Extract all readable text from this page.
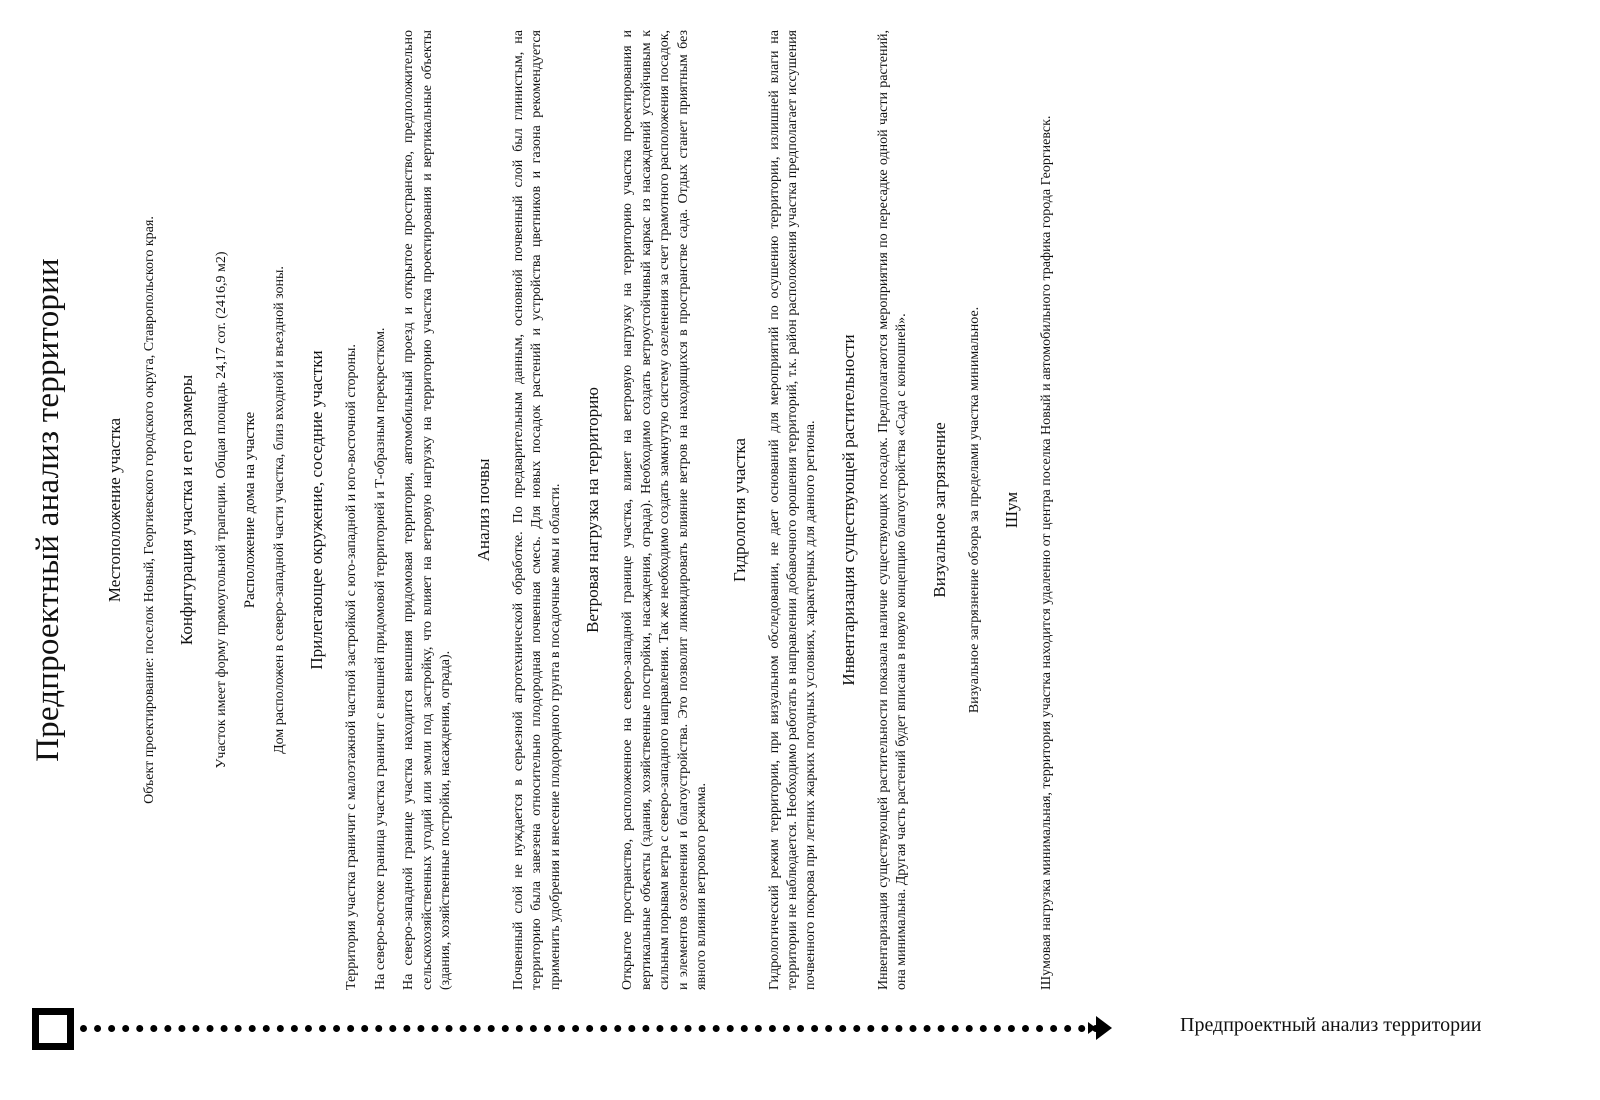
Предпроектный анализ территории Местоположение участка Объект проектирование: поселок Новый, Георгиевского городского округа, Ставропольского края. Конфигурация участка и его размеры Участок имеет форму прямоугольной трапеции. Общая площадь 24,17 сот. (2416,9 м2) Расположение дома на участке Дом расположен в северо-западной части участка, близ входной и въездной зоны. Прилегающее окружение, соседние участки Территория участка граничит с малоэтажной частной застройкой с юго-западной и юго-восточной стороны. На северо-востоке граница участка граничит с внешней придомовой территорией и Т-образным перекрестком. На северо-западной границе участка находится внешняя придомовая территория, автомобильный проезд и открытое пространство, предположительно сельскохозяйственных угодий или земли под застройку, что влияет на ветровую нагрузку на территорию участка проектирования и вертикальные объекты (здания, хозяйственные постройки, насаждения, ограда).

Анализ почвы Почвенный слой не нуждается в серьезной агротехнической обработке. По предварительным данным, основной почвенный слой был глинистым, на территорию была завезена относительно плодородная почвенная смесь. Для новых посадок растений и устройства цветников и газона рекомендуется применить удобрения и внесение плодородного грунта в посадочные ямы и области. Ветровая нагрузка на территорию Открытое пространство, расположенное на северо-западной границе участка, влияет на ветровую нагрузку на территорию участка проектирования и вертикальные объекты (здания, хозяйственные постройки, насаждения, ограда). Необходимо создать ветроустойчивый каркас из насаждений устойчивым к сильным порывам ветра с северо-западного направления. Так же необходимо создать замкнутую систему озеленения за счет грамотного расположения посадок, и элементов озеленения и благоустройства. Это позволит ликвидировать влияние ветров на находящихся в пространстве сада. Отдых станет приятным без явного влияния ветрового режима.

Гидрология участка Гидрологический режим территории, при визуальном обследовании, не дает оснований для мероприятий по осушению территории, излишней влаги на территории не наблюдается. Необходимо работать в направлении добавочного орошения территорий, т.к. район расположения участка предполагает иссушения почвенного покрова при летних жарких погодных условиях, характерных для данного региона. Инвентаризация существующей растительности Инвентаризация существующей растительности показала наличие существующих посадок. Предполагаются мероприятия по пересадке одной части растений, она минимальна. Другая часть растений будет вписана в новую концепцию благоустройства «Сада с конюшней». Визуальное загрязнение Визуальное загрязнение обзора за пределами участка минимальное. Шум Шумовая нагрузка минимальная, территория участка находится удаленно от центра поселка Новый и автомобильного трафика города Георгиевск.

Предпроектный анализ территории
